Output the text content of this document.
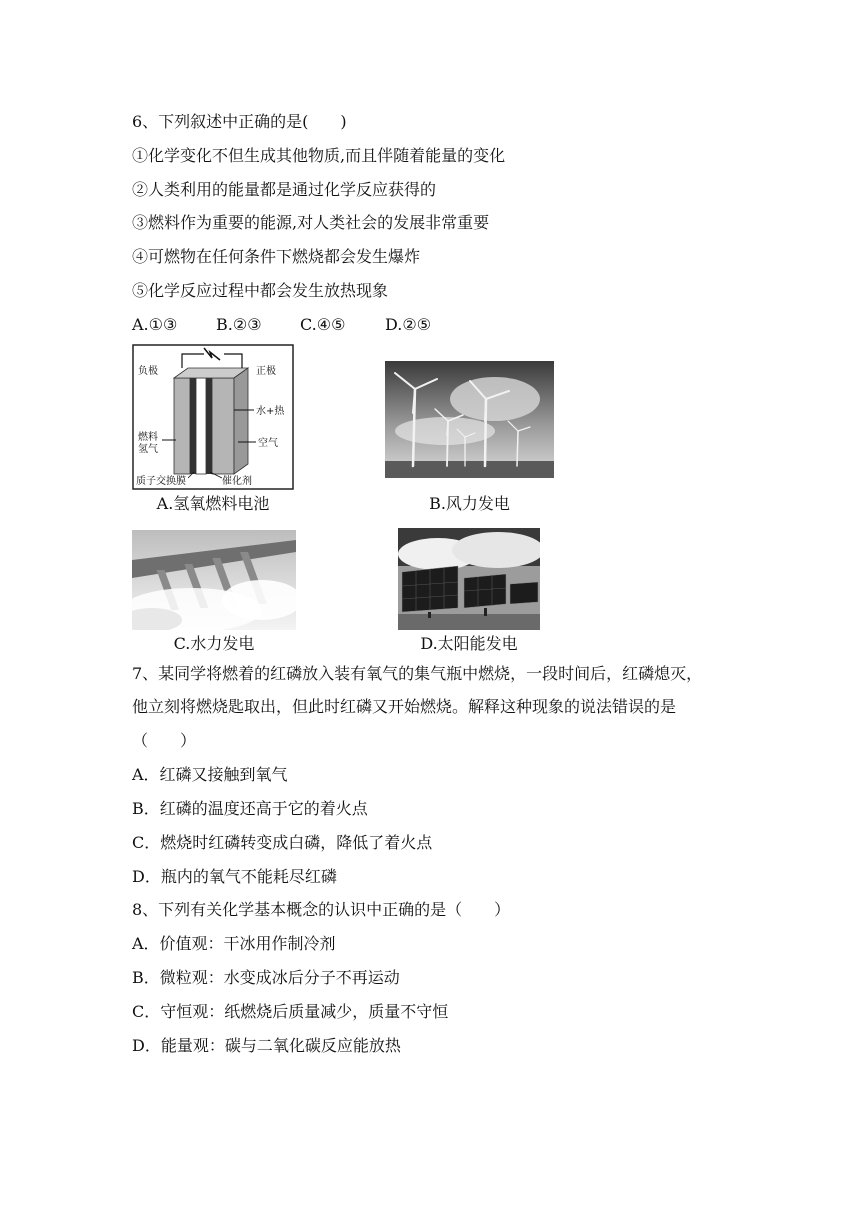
6、下列叙述中正确的是(　　)
①化学变化不但生成其他物质,而且伴随着能量的变化
②人类利用的能量都是通过化学反应获得的
③燃料作为重要的能源,对人类社会的发展非常重要
④可燃物在任何条件下燃烧都会发生爆炸
⑤化学反应过程中都会发生放热现象
A.①③ B.②③ C.④⑤ D.②⑤
负极	正极
水+热
燃料
氢气
空气
质子交换膜	催化剂
A.氢氧燃料电池	B.风力发电
C.水力发电	D.太阳能发电
7、某同学将燃着的红磷放入装有氧气的集气瓶中燃烧，一段时间后，红磷熄灭，
他立刻将燃烧匙取出，但此时红磷又开始燃烧。解释这种现象的说法错误的是
（　　）
A．红磷又接触到氧气
B．红磷的温度还高于它的着火点
C．燃烧时红磷转变成白磷，降低了着火点
D．瓶内的氧气不能耗尽红磷
8、下列有关化学基本概念的认识中正确的是（　　）
A．价值观：干冰用作制冷剂
B．微粒观：水变成冰后分子不再运动
C．守恒观：纸燃烧后质量减少，质量不守恒
D．能量观：碳与二氧化碳反应能放热
